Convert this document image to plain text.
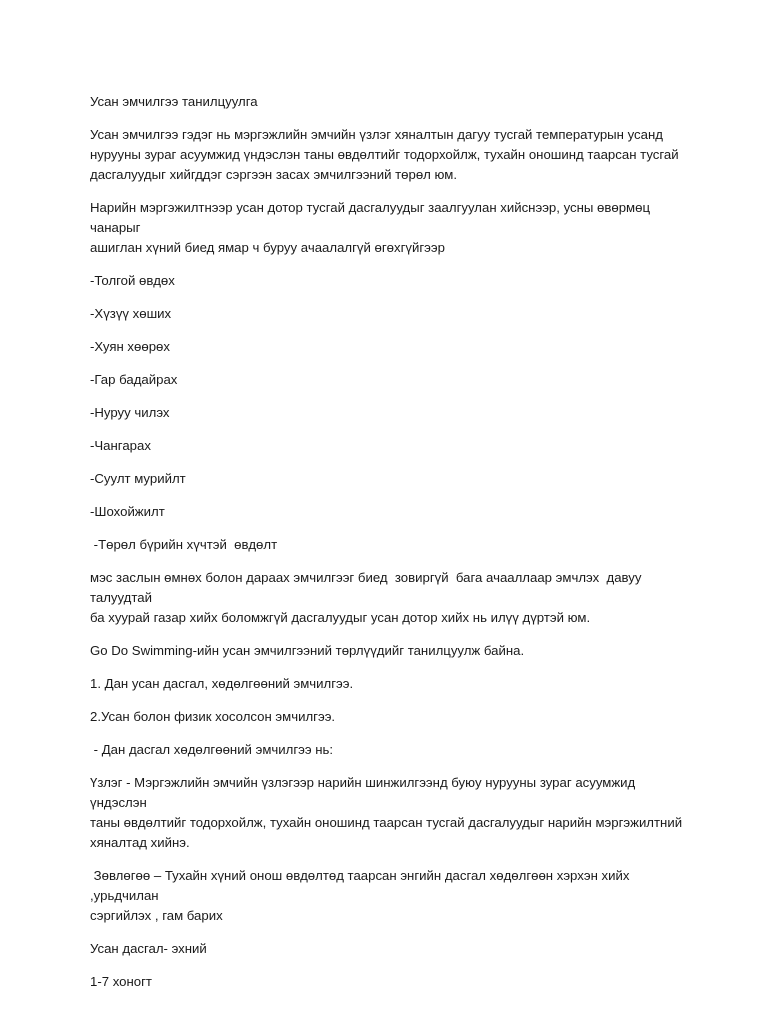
Усан эмчилгээ танилцуулга

Усан эмчилгээ гэдэг нь мэргэжлийн эмчийн үзлэг хяналтын дагуу тусгай температурын усанд
нурууны зураг асуумжид үндэслэн таны өвдөлтийг тодорхойлж, тухайн оношинд таарсан тусгай
дасгалуудыг хийгддэг сэргээн засах эмчилгээний төрөл юм.

Нарийн мэргэжилтнээр усан дотор тусгай дасгалуудыг заалгуулан хийснээр, усны өвөрмөц чанарыг
ашиглан хүний биед ямар ч буруу ачаалалгүй өгөхгүйгээр

-Толгой өвдөх

-Хүзүү хөших

-Хуян хөөрөх

-Гар бадайрах

-Нуруу чилэх

-Чангарах

-Суулт мурийлт

-Шохойжилт

-Төрөл бүрийн хүчтэй  өвдөлт

мэс заслын өмнөх болон дараах эмчилгээг биед  зовиргүй  бага ачааллаар эмчлэх  давуу талуудтай
ба хуурай газар хийх боломжгүй дасгалуудыг усан дотор хийх нь илүү дүртэй юм.

Go Do Swimming-ийн усан эмчилгээний төрлүүдийг танилцуулж байна.

1. Дан усан дасгал, хөдөлгөөний эмчилгээ.

2.Усан болон физик хосолсон эмчилгээ.

- Дан дасгал хөдөлгөөний эмчилгээ нь:

Үзлэг - Мэргэжлийн эмчийн үзлэгээр нарийн шинжилгээнд буюу нурууны зураг асуумжид үндэслэн
таны өвдөлтийг тодорхойлж, тухайн оношинд таарсан тусгай дасгалуудыг нарийн мэргэжилтний
хяналтад хийнэ.

Зөвлөгөө – Тухайн хүний онош өвдөлтөд таарсан энгийн дасгал хөдөлгөөн хэрхэн хийх ,урьдчилан
сэргийлэх , гам барих

Усан дасгал- эхний

1-7 хоногт
